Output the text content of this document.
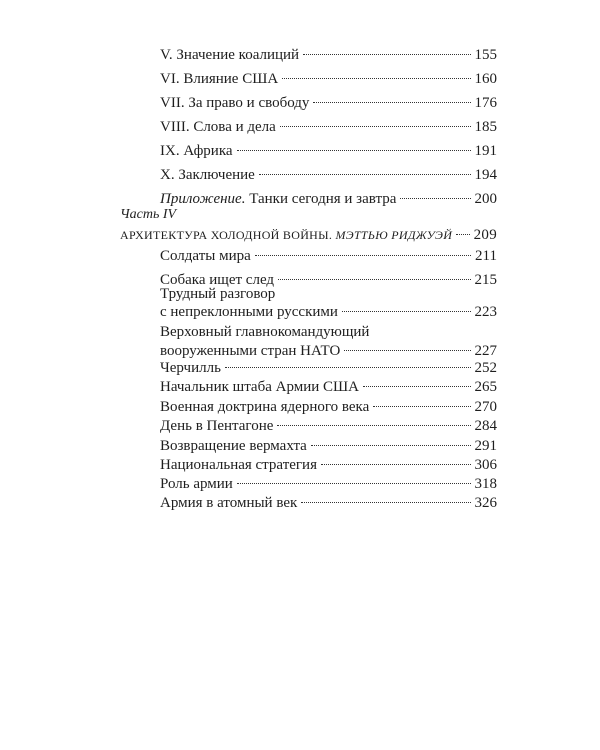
V. Значение коалиций	155
VI. Влияние США	160
VII. За право и свободу	176
VIII. Слова и дела	185
IX. Африка	191
X. Заключение	194
Приложение. Танки сегодня и завтра	200
Часть IV
АРХИТЕКТУРА ХОЛОДНОЙ ВОЙНЫ. МЭТТЬЮ РИДЖУЭЙ 209
Солдаты мира	211
Собака ищет след	215
Трудный разговор
с непреклонными русскими	223
Верховный главнокомандующий
вооруженными стран НАТО	227
Черчилль	252
Начальник штаба Армии США	265
Военная доктрина ядерного века	270
День в Пентагоне	284
Возвращение вермахта	291
Национальная стратегия	306
Роль армии	318
Армия в атомный век	326
